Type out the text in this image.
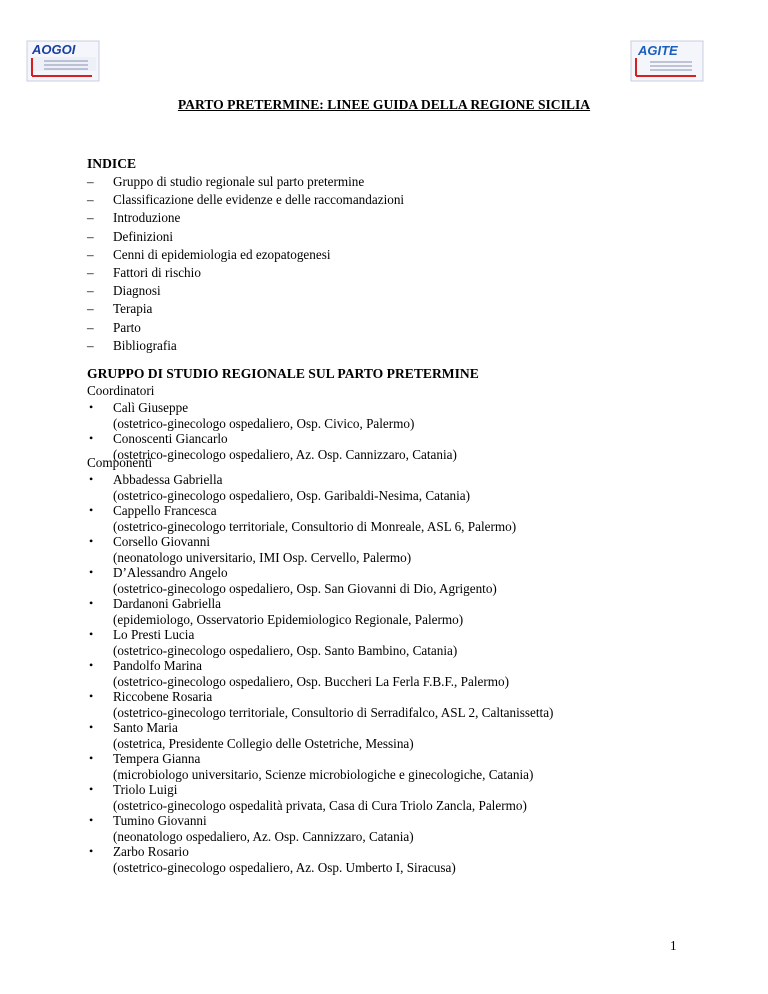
AOGOI	AGITE
PARTO PRETERMINE: LINEE GUIDA DELLA REGIONE SICILIA
INDICE
– Gruppo di studio regionale sul parto pretermine
– Classificazione delle evidenze e delle raccomandazioni
– Introduzione
– Definizioni
– Cenni di epidemiologia ed ezopatogenesi
– Fattori di rischio
– Diagnosi
– Terapia
– Parto
– Bibliografia
GRUPPO DI STUDIO REGIONALE SUL PARTO PRETERMINE
Coordinatori
• Calì Giuseppe
(ostetrico-ginecologo ospedaliero, Osp. Civico, Palermo)
• Conoscenti Giancarlo
(ostetrico-ginecologo ospedaliero, Az. Osp. Cannizzaro, Catania)
Componenti
• Abbadessa Gabriella
(ostetrico-ginecologo ospedaliero, Osp. Garibaldi-Nesima, Catania)
• Cappello Francesca
(ostetrico-ginecologo territoriale, Consultorio di Monreale, ASL 6, Palermo)
• Corsello Giovanni
(neonatologo universitario, IMI Osp. Cervello, Palermo)
• D’Alessandro Angelo
(ostetrico-ginecologo ospedaliero, Osp. San Giovanni di Dio, Agrigento)
• Dardanoni Gabriella
(epidemiologo, Osservatorio Epidemiologico Regionale, Palermo)
• Lo Presti Lucia
(ostetrico-ginecologo ospedaliero, Osp. Santo Bambino, Catania)
• Pandolfo Marina
(ostetrico-ginecologo ospedaliero, Osp. Buccheri La Ferla F.B.F., Palermo)
• Riccobene Rosaria
(ostetrico-ginecologo territoriale, Consultorio di Serradifalco, ASL 2, Caltanissetta)
• Santo Maria
(ostetrica, Presidente Collegio delle Ostetriche, Messina)
• Tempera Gianna
(microbiologo universitario, Scienze microbiologiche e ginecologiche, Catania)
• Triolo Luigi
(ostetrico-ginecologo ospedalità privata, Casa di Cura Triolo Zancla, Palermo)
• Tumino Giovanni
(neonatologo ospedaliero, Az. Osp. Cannizzaro, Catania)
• Zarbo Rosario
(ostetrico-ginecologo ospedaliero, Az. Osp. Umberto I, Siracusa)
1
